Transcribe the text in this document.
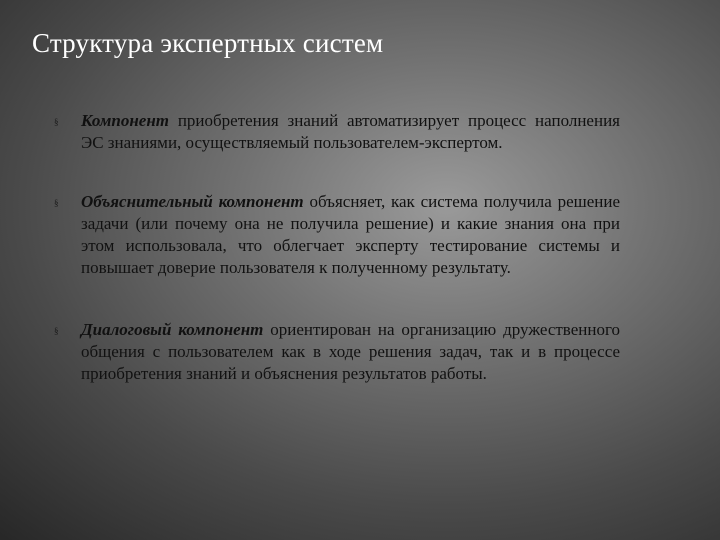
Структура экспертных систем
§ Компонент приобретения знаний автоматизирует процесс наполнения ЭС знаниями, осуществляемый пользователем-экспертом.
§ Объяснительный компонент объясняет, как система получила решение задачи (или почему она не получила решение) и какие знания она при этом использовала, что облегчает эксперту тестирование системы и повышает доверие пользователя к полученному результату.
§ Диалоговый компонент ориентирован на организацию дружественного общения с пользователем как в ходе решения задач, так и в процессе приобретения знаний и объяснения результатов работы.
